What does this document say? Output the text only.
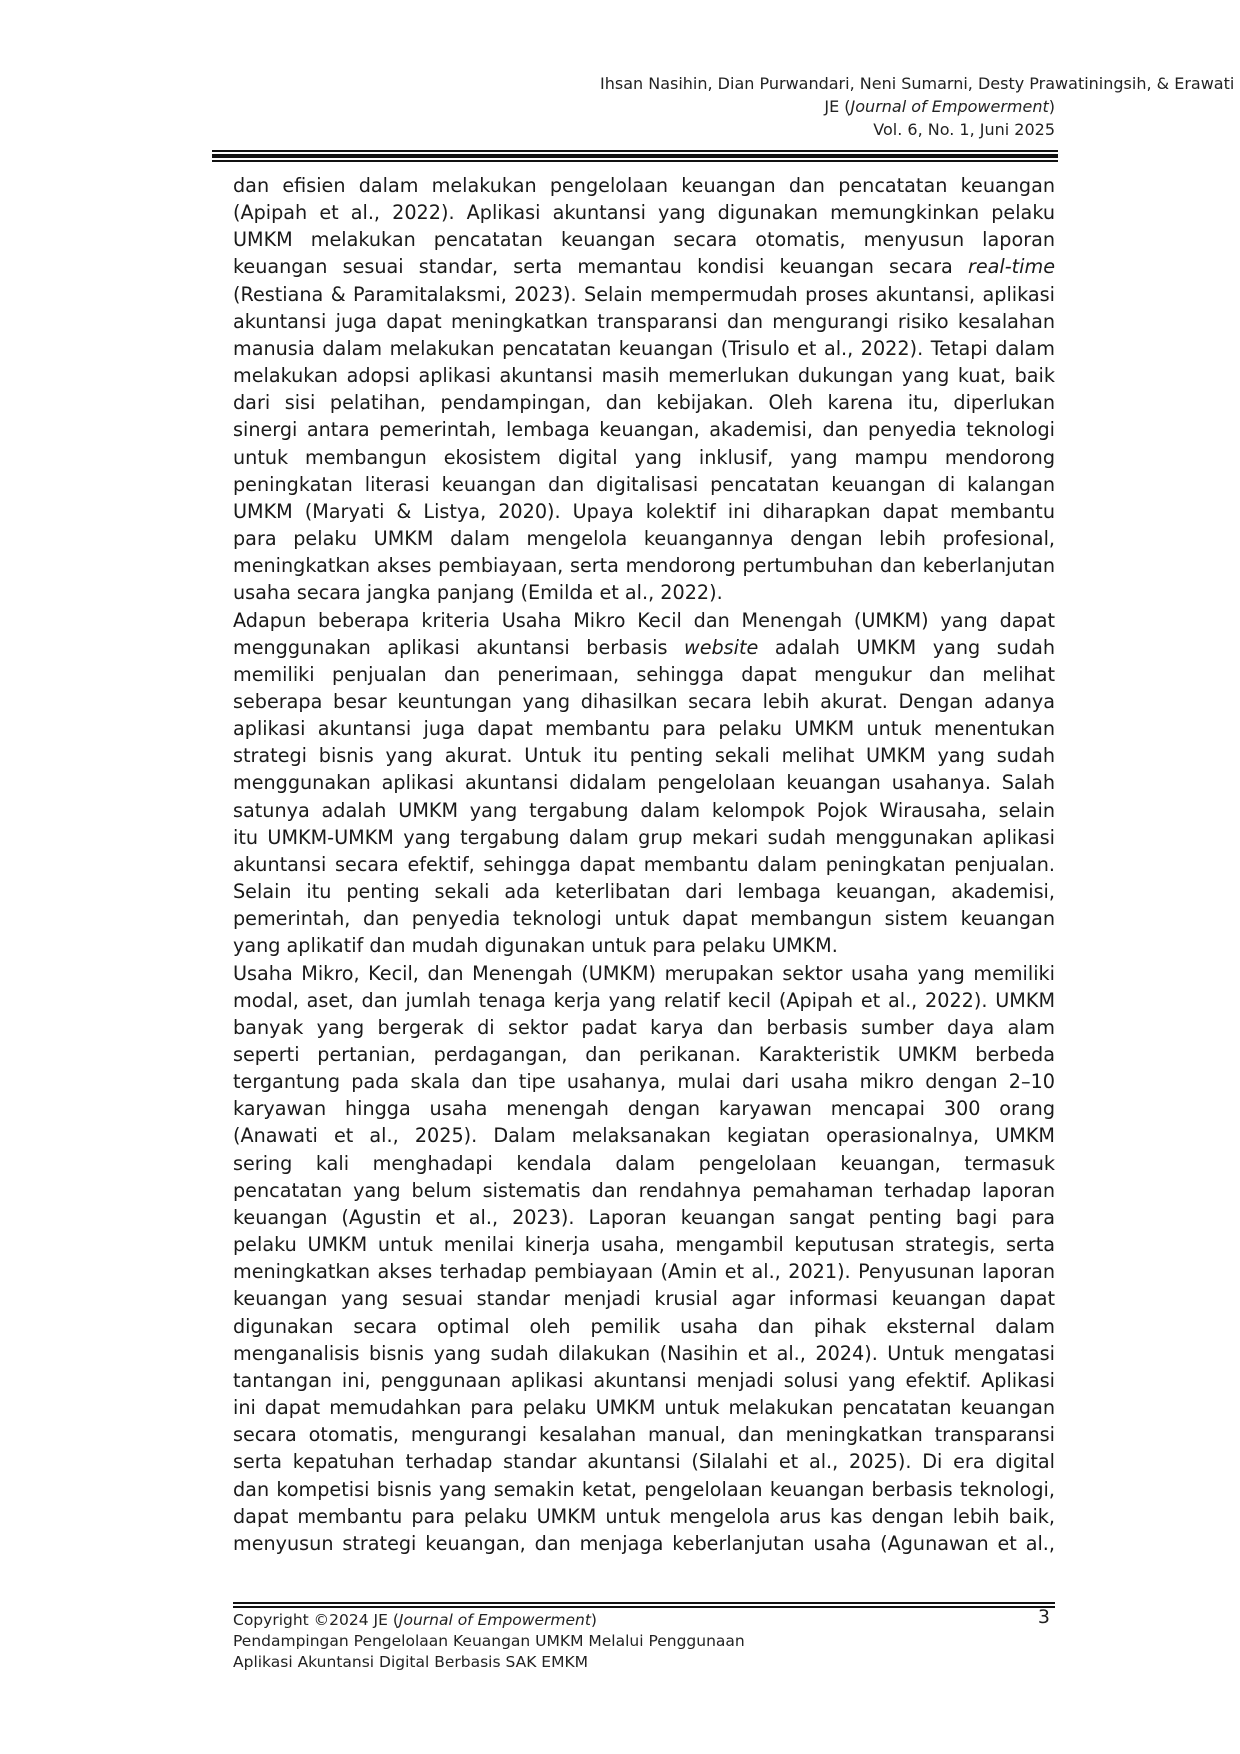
Ihsan Nasihin, Dian Purwandari, Neni Sumarni, Desty Prawatiningsih, & Erawati
JE (Journal of Empowerment)
Vol. 6, No. 1, Juni 2025

dan efisien dalam melakukan pengelolaan keuangan dan pencatatan keuangan
(Apipah et al., 2022). Aplikasi akuntansi yang digunakan memungkinkan pelaku
UMKM melakukan pencatatan keuangan secara otomatis, menyusun laporan
keuangan sesuai standar, serta memantau kondisi keuangan secara real-time
(Restiana & Paramitalaksmi, 2023). Selain mempermudah proses akuntansi, aplikasi
akuntansi juga dapat meningkatkan transparansi dan mengurangi risiko kesalahan
manusia dalam melakukan pencatatan keuangan (Trisulo et al., 2022). Tetapi dalam
melakukan adopsi aplikasi akuntansi masih memerlukan dukungan yang kuat, baik
dari sisi pelatihan, pendampingan, dan kebijakan. Oleh karena itu, diperlukan
sinergi antara pemerintah, lembaga keuangan, akademisi, dan penyedia teknologi
untuk membangun ekosistem digital yang inklusif, yang mampu mendorong
peningkatan literasi keuangan dan digitalisasi pencatatan keuangan di kalangan
UMKM (Maryati & Listya, 2020). Upaya kolektif ini diharapkan dapat membantu
para pelaku UMKM dalam mengelola keuangannya dengan lebih profesional,
meningkatkan akses pembiayaan, serta mendorong pertumbuhan dan keberlanjutan
usaha secara jangka panjang (Emilda et al., 2022).

Adapun beberapa kriteria Usaha Mikro Kecil dan Menengah (UMKM) yang dapat
menggunakan aplikasi akuntansi berbasis website adalah UMKM yang sudah
memiliki penjualan dan penerimaan, sehingga dapat mengukur dan melihat
seberapa besar keuntungan yang dihasilkan secara lebih akurat. Dengan adanya
aplikasi akuntansi juga dapat membantu para pelaku UMKM untuk menentukan
strategi bisnis yang akurat. Untuk itu penting sekali melihat UMKM yang sudah
menggunakan aplikasi akuntansi didalam pengelolaan keuangan usahanya. Salah
satunya adalah UMKM yang tergabung dalam kelompok Pojok Wirausaha, selain
itu UMKM-UMKM yang tergabung dalam grup mekari sudah menggunakan aplikasi
akuntansi secara efektif, sehingga dapat membantu dalam peningkatan penjualan.
Selain itu penting sekali ada keterlibatan dari lembaga keuangan, akademisi,
pemerintah, dan penyedia teknologi untuk dapat membangun sistem keuangan
yang aplikatif dan mudah digunakan untuk para pelaku UMKM.

Usaha Mikro, Kecil, dan Menengah (UMKM) merupakan sektor usaha yang memiliki
modal, aset, dan jumlah tenaga kerja yang relatif kecil (Apipah et al., 2022). UMKM
banyak yang bergerak di sektor padat karya dan berbasis sumber daya alam
seperti pertanian, perdagangan, dan perikanan. Karakteristik UMKM berbeda
tergantung pada skala dan tipe usahanya, mulai dari usaha mikro dengan 2–10
karyawan hingga usaha menengah dengan karyawan mencapai 300 orang
(Anawati et al., 2025). Dalam melaksanakan kegiatan operasionalnya, UMKM
sering kali menghadapi kendala dalam pengelolaan keuangan, termasuk
pencatatan yang belum sistematis dan rendahnya pemahaman terhadap laporan
keuangan (Agustin et al., 2023). Laporan keuangan sangat penting bagi para
pelaku UMKM untuk menilai kinerja usaha, mengambil keputusan strategis, serta
meningkatkan akses terhadap pembiayaan (Amin et al., 2021). Penyusunan laporan
keuangan yang sesuai standar menjadi krusial agar informasi keuangan dapat
digunakan secara optimal oleh pemilik usaha dan pihak eksternal dalam
menganalisis bisnis yang sudah dilakukan (Nasihin et al., 2024). Untuk mengatasi
tantangan ini, penggunaan aplikasi akuntansi menjadi solusi yang efektif. Aplikasi
ini dapat memudahkan para pelaku UMKM untuk melakukan pencatatan keuangan
secara otomatis, mengurangi kesalahan manual, dan meningkatkan transparansi
serta kepatuhan terhadap standar akuntansi (Silalahi et al., 2025). Di era digital
dan kompetisi bisnis yang semakin ketat, pengelolaan keuangan berbasis teknologi,
dapat membantu para pelaku UMKM untuk mengelola arus kas dengan lebih baik,
menyusun strategi keuangan, dan menjaga keberlanjutan usaha (Agunawan et al.,

Copyright ©2024 JE (Journal of Empowerment)
Pendampingan Pengelolaan Keuangan UMKM Melalui Penggunaan
Aplikasi Akuntansi Digital Berbasis SAK EMKM
3
